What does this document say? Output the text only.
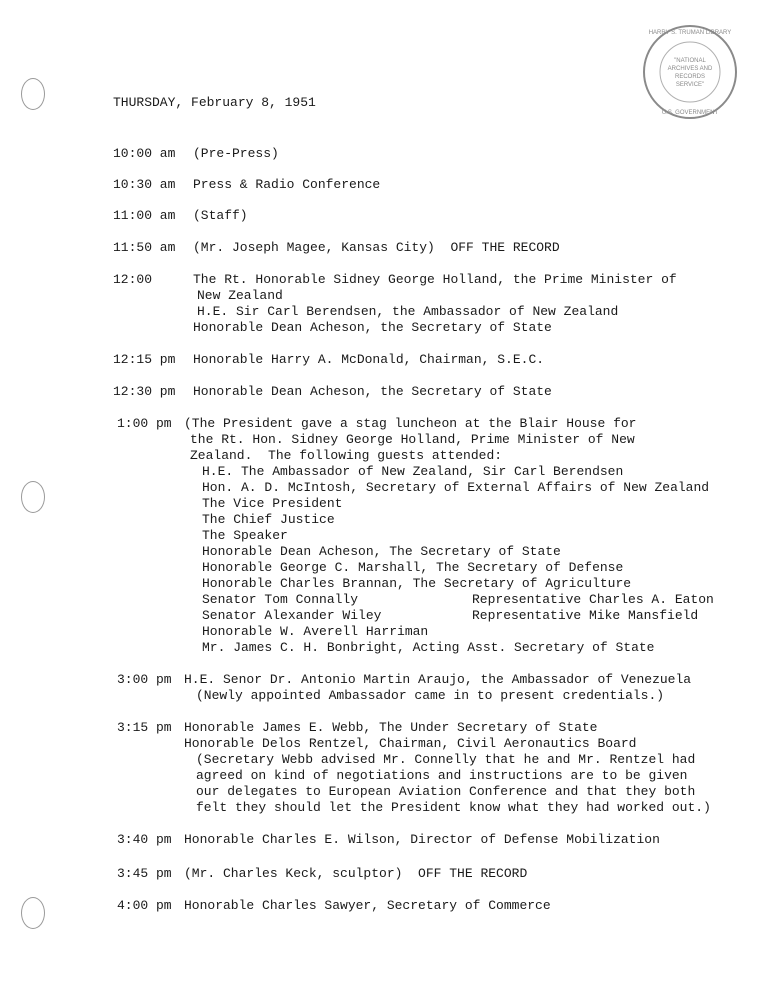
HARRY S. TRUMAN LIBRARY
"NATIONAL
ARCHIVES AND
RECORDS
SERVICE"
U.S. GOVERNMENT
THURSDAY, February 8, 1951
10:00 am (Pre-Press)
10:30 am Press & Radio Conference
11:00 am (Staff)
11:50 am (Mr. Joseph Magee, Kansas City)  OFF THE RECORD
12:00	The Rt. Honorable Sidney George Holland, the Prime Minister of
New Zealand
H.E. Sir Carl Berendsen, the Ambassador of New Zealand
Honorable Dean Acheson, the Secretary of State
12:15 pm Honorable Harry A. McDonald, Chairman, S.E.C.
12:30 pm Honorable Dean Acheson, the Secretary of State
1:00 pm (The President gave a stag luncheon at the Blair House for
the Rt. Hon. Sidney George Holland, Prime Minister of New
Zealand.  The following guests attended:
H.E. The Ambassador of New Zealand, Sir Carl Berendsen
Hon. A. D. McIntosh, Secretary of External Affairs of New Zealand
The Vice President
The Chief Justice
The Speaker
Honorable Dean Acheson, The Secretary of State
Honorable George C. Marshall, The Secretary of Defense
Honorable Charles Brannan, The Secretary of Agriculture
Senator Tom Connally
Senator Alexander Wiley
Honorable W. Averell Harriman
Mr. James C. H. Bonbright, Acting Asst. Secretary of State
Representative Charles A. Eaton
Representative Mike Mansfield
3:00 pm H.E. Senor Dr. Antonio Martin Araujo, the Ambassador of Venezuela
(Newly appointed Ambassador came in to present credentials.)
3:15 pm Honorable James E. Webb, The Under Secretary of State
Honorable Delos Rentzel, Chairman, Civil Aeronautics Board
(Secretary Webb advised Mr. Connelly that he and Mr. Rentzel had
agreed on kind of negotiations and instructions are to be given
our delegates to European Aviation Conference and that they both
felt they should let the President know what they had worked out.)
3:40 pm Honorable Charles E. Wilson, Director of Defense Mobilization
3:45 pm (Mr. Charles Keck, sculptor)  OFF THE RECORD
4:00 pm Honorable Charles Sawyer, Secretary of Commerce
